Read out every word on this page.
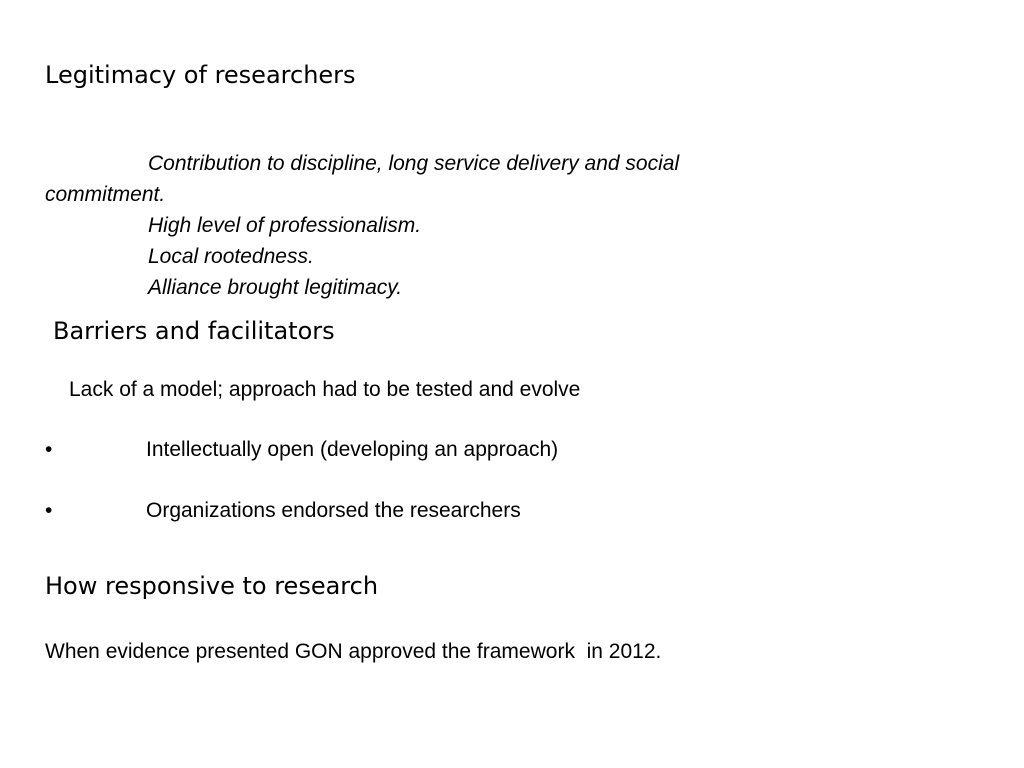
Legitimacy of researchers

Contribution to discipline, long service delivery and social

commitment.

High level of professionalism.

Local rootedness.

Alliance brought legitimacy.

Barriers and facilitators

Lack of a model; approach had to be tested and evolve

•	Intellectually open (developing an approach)
•	Organizations endorsed the researchers
How responsive to research

When evidence presented GON approved the framework  in 2012.
